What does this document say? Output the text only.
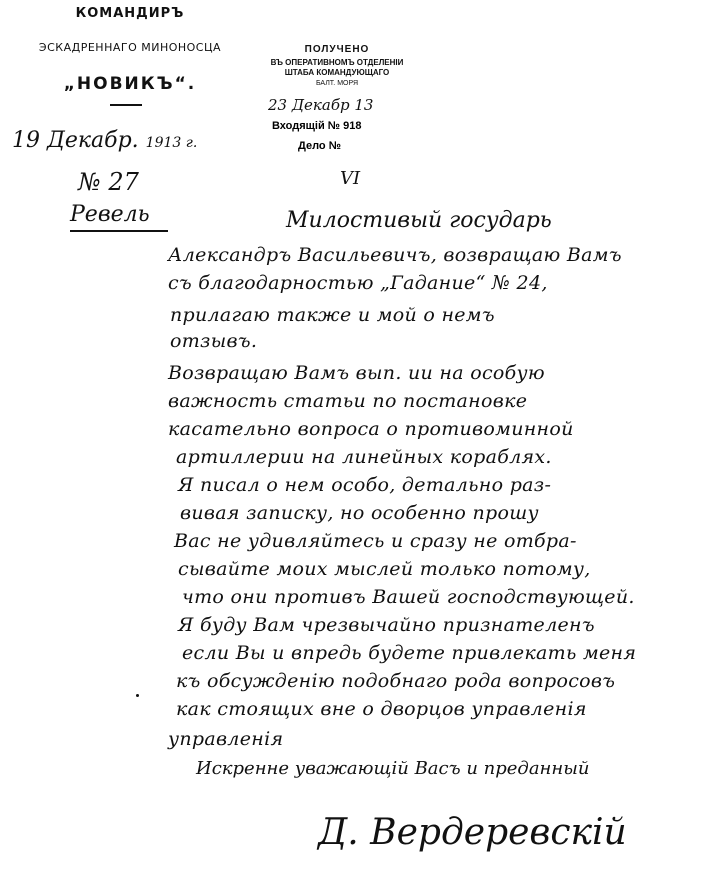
КОМАНДИРЪ
ЭСКАДРЕННАГО МИНОНОСЦА
„НОВИКЪ“.
19 Декабр. 1913 г.
№ 27
Ревель
ПОЛУЧЕНО
ВЪ ОПЕРАТИВНОМЪ ОТДЕЛЕНIИ
ШТАБА КОМАНДУЮЩАГО
БАЛТ. МОРЯ
23 Декабр 13
Входящiй № 918
Дело №
VI
Милостивый государь
Александръ Васильевичъ, возвращаю Вамъ
съ благодарностью „Гадание“ № 24,
прилагаю также и мой о немъ
отзывъ.
Возвращаю Вамъ вып. ии на особую
важность статьи по постановке
касательно вопроса о противоминной
артиллерии на линейных кораблях.
Я писал о нем особо, детально раз-
вивая записку, но особенно прошу
Вас не удивляйтесь и сразу не отбра-
сывайте моих мыслей только потому,
что они противъ Вашей господствующей.
Я буду Вам чрезвычайно признателенъ
если Вы и впредь будете привлекать меня
къ обсужденiю подобнаго рода вопросовъ
как стоящих вне о дворцов управленiя
управленiя
Искренне уважающiй Васъ и преданный
Д. Вердеревскiй
